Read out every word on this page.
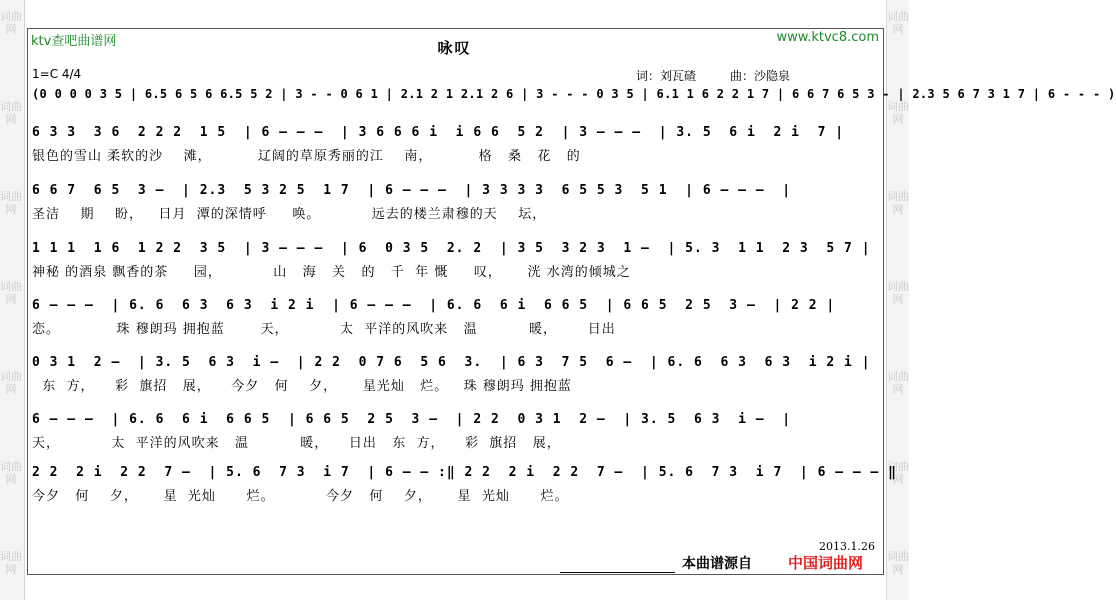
词曲网
词曲网
词曲网
词曲网
词曲网
词曲网
词曲网
词曲网
词曲网
词曲网
词曲网
词曲网
词曲网
词曲网
ktv查吧曲谱网	www.ktvc8.com
咏叹
1=C 4/4	词：刘瓦碴	曲：沙隐泉
(0 0 0 0 3 5 | 6.5 6 5 6 6.5 5 2 | 3 - - 0 6 1 | 2.1 2 1 2.1 2 6 | 3 - - - 0 3 5 | 6.1 1 6 2 2 1 7 | 6 6 7 6 5 3 - | 2.3 5 6 7 3 1 7 | 6 - - - )
6 3 3  3 6  2 2 2  1 5  | 6 — — —  | 3 6 6 6 i  i 6 6  5 2  | 3 — — —  | 3. 5  6 i  2 i  7 |
银色的雪山 柔软的沙    滩，         辽阔的草原秀丽的江    南，         格   桑   花   的
6 6 7  6 5  3 —  | 2.3  5 3 2 5  1 7  | 6 — — —  | 3 3 3 3  6 5 5 3  5 1  | 6 — — —  |
圣洁    期    盼，   日月  潭的深情呼     唤。          远去的楼兰肃穆的天    坛，
1 1 1  1 6  1 2 2  3 5  | 3 — — —  | 6  0 3 5  2. 2  | 3 5  3 2 3  1 —  | 5. 3  1 1  2 3  5 7 |
神秘 的酒泉 飘香的茶     园，          山   海   关   的   千  年 慨     叹，     洸 水湾的倾城之
6 — — —  | 6. 6  6 3  6 3  i 2 i  | 6 — — —  | 6. 6  6 i  6 6 5  | 6 6 5  2 5  3 —  | 2 2 |
恋。           珠 穆朗玛 拥抱蓝       天，          太  平洋的风吹来   温          暖，      日出
0 3 1  2 —  | 3. 5  6 3  i —  | 2 2  0 7 6  5 6  3.  | 6 3  7 5  6 —  | 6. 6  6 3  6 3  i 2 i |
东  方，    彩  旗招   展，    今夕   何    夕，     星光灿   烂。   珠 穆朗玛 拥抱蓝
6 — — —  | 6. 6  6 i  6 6 5  | 6 6 5  2 5  3 —  | 2 2  0 3 1  2 —  | 3. 5  6 3  i —  |
天，          太  平洋的风吹来   温          暖，    日出   东  方，    彩  旗招   展，
2 2  2 i  2 2  7 —  | 5. 6  7 3  i 7  | 6 — — :‖ 2 2  2 i  2 2  7 —  | 5. 6  7 3  i 7  | 6 — — — ‖
今夕   何    夕，     星  光灿      烂。          今夕   何    夕，     星  光灿      烂。
2013.1.26
本曲谱源自 中国词曲网
